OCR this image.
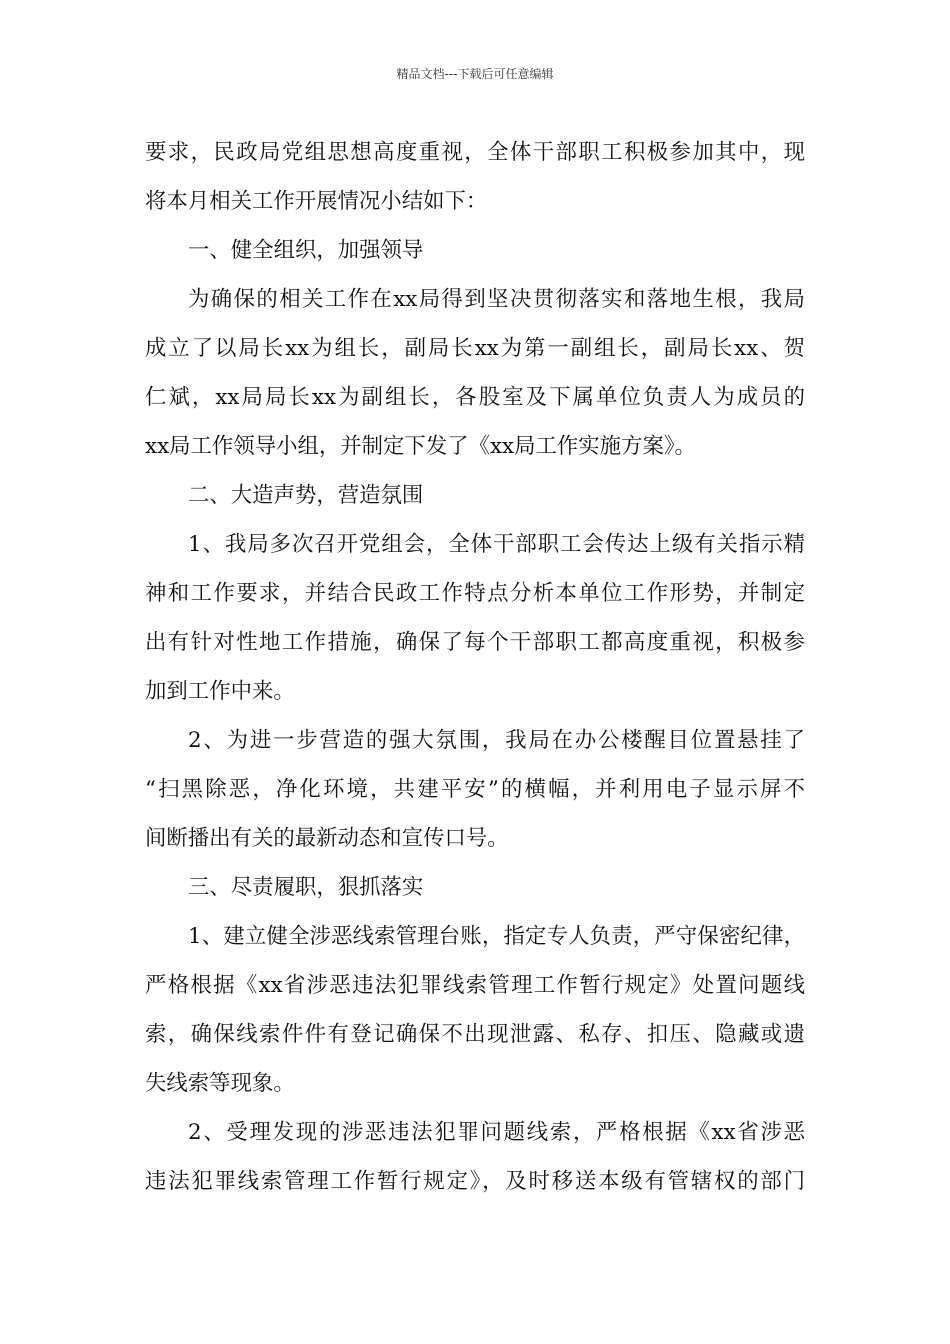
精品文档---下载后可任意编辑
要求，民政局党组思想高度重视，全体干部职工积极参加其中，现
将本月相关工作开展情况小结如下：
一、健全组织，加强领导
为确保的相关工作在xx局得到坚决贯彻落实和落地生根，我局
成立了以局长xx为组长，副局长xx为第一副组长，副局长xx、贺
仁斌，xx局局长xx为副组长，各股室及下属单位负责人为成员的
xx局工作领导小组，并制定下发了《xx局工作实施方案》。
二、大造声势，营造氛围
1、我局多次召开党组会，全体干部职工会传达上级有关指示精
神和工作要求，并结合民政工作特点分析本单位工作形势，并制定
出有针对性地工作措施，确保了每个干部职工都高度重视，积极参
加到工作中来。
2、为进一步营造的强大氛围，我局在办公楼醒目位置悬挂了
“扫黑除恶，净化环境，共建平安”的横幅，并利用电子显示屏不
间断播出有关的最新动态和宣传口号。
三、尽责履职，狠抓落实
1、建立健全涉恶线索管理台账，指定专人负责，严守保密纪律，
严格根据《xx省涉恶违法犯罪线索管理工作暂行规定》处置问题线
索，确保线索件件有登记确保不出现泄露、私存、扣压、隐藏或遗
失线索等现象。
2、受理发现的涉恶违法犯罪问题线索，严格根据《xx省涉恶
违法犯罪线索管理工作暂行规定》，及时移送本级有管辖权的部门
